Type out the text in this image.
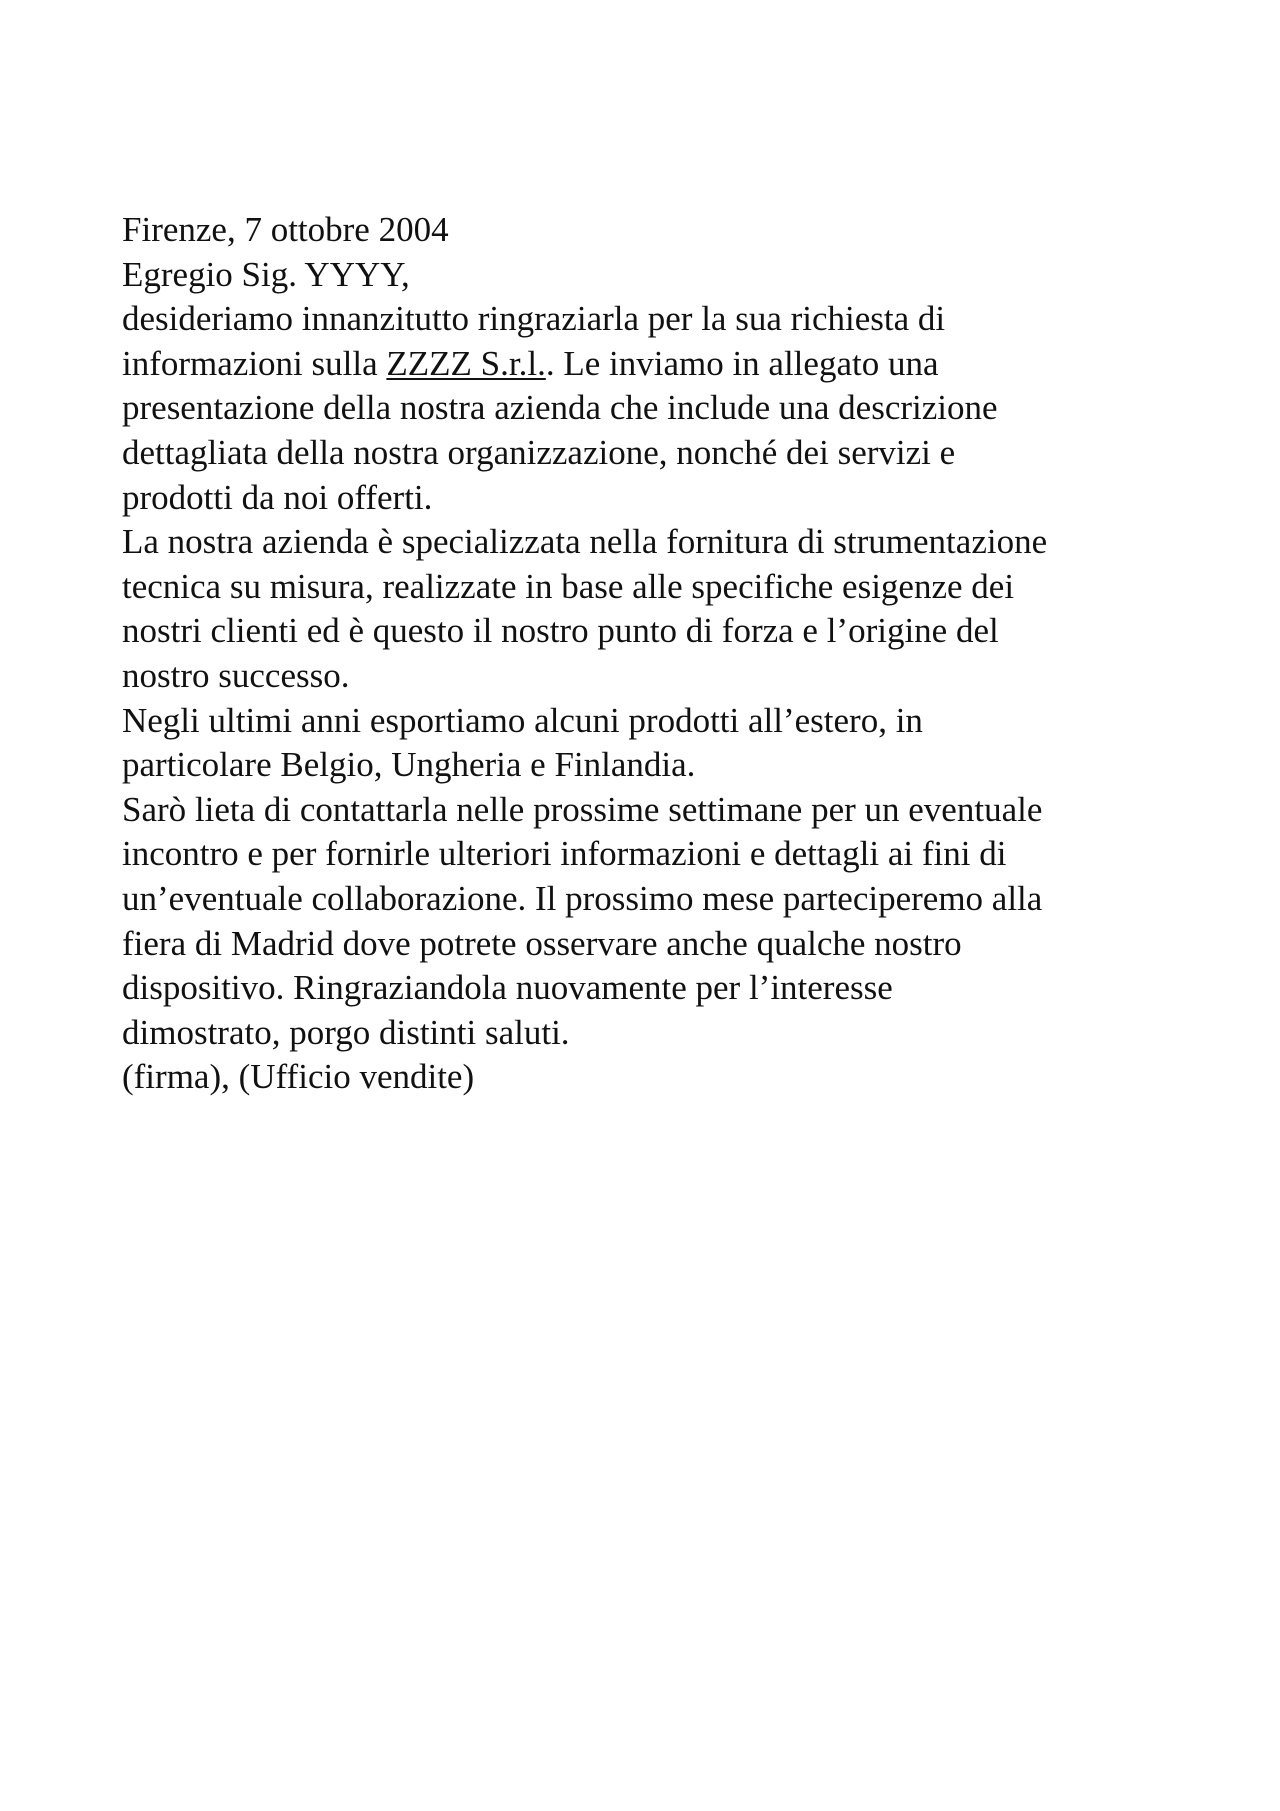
Firenze, 7 ottobre 2004
Egregio Sig. YYYY,
desideriamo innanzitutto ringraziarla per la sua richiesta di
informazioni sulla ZZZZ S.r.l.. Le inviamo in allegato una
presentazione della nostra azienda che include una descrizione
dettagliata della nostra organizzazione, nonché dei servizi e
prodotti da noi offerti.
La nostra azienda è specializzata nella fornitura di strumentazione
tecnica su misura, realizzate in base alle specifiche esigenze dei
nostri clienti ed è questo il nostro punto di forza e l’origine del
nostro successo.
Negli ultimi anni esportiamo alcuni prodotti all’estero, in
particolare Belgio, Ungheria e Finlandia.
Sarò lieta di contattarla nelle prossime settimane per un eventuale
incontro e per fornirle ulteriori informazioni e dettagli ai fini di
un’eventuale collaborazione. Il prossimo mese parteciperemo alla
fiera di Madrid dove potrete osservare anche qualche nostro
dispositivo. Ringraziandola nuovamente per l’interesse
dimostrato, porgo distinti saluti.
(firma), (Ufficio vendite)
